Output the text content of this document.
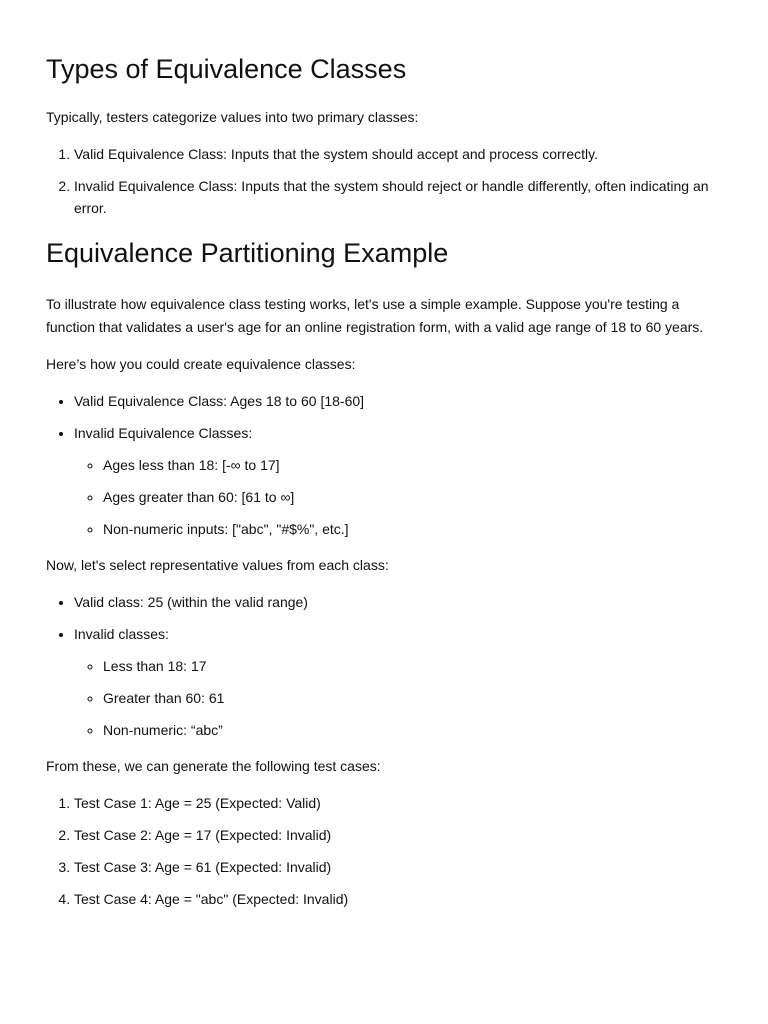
Types of Equivalence Classes

Typically, testers categorize values into two primary classes:

1. Valid Equivalence Class: Inputs that the system should accept and process correctly.
2. Invalid Equivalence Class: Inputs that the system should reject or handle differently, often indicating an error.
Equivalence Partitioning Example

To illustrate how equivalence class testing works, let's use a simple example. Suppose you're testing a function that validates a user's age for an online registration form, with a valid age range of 18 to 60 years.

Here’s how you could create equivalence classes:

• Valid Equivalence Class: Ages 18 to 60 [18-60]
• Invalid Equivalence Classes:
◦ Ages less than 18: [-∞ to 17]
◦ Ages greater than 60: [61 to ∞]
◦ Non-numeric inputs: ["abc", "#$%", etc.]

Now, let's select representative values from each class:

• Valid class: 25 (within the valid range)
• Invalid classes:
◦ Less than 18: 17
◦ Greater than 60: 61
◦ Non-numeric: “abc”

From these, we can generate the following test cases:

1. Test Case 1: Age = 25 (Expected: Valid)
2. Test Case 2: Age = 17 (Expected: Invalid)
3. Test Case 3: Age = 61 (Expected: Invalid)
4. Test Case 4: Age = "abc" (Expected: Invalid)
